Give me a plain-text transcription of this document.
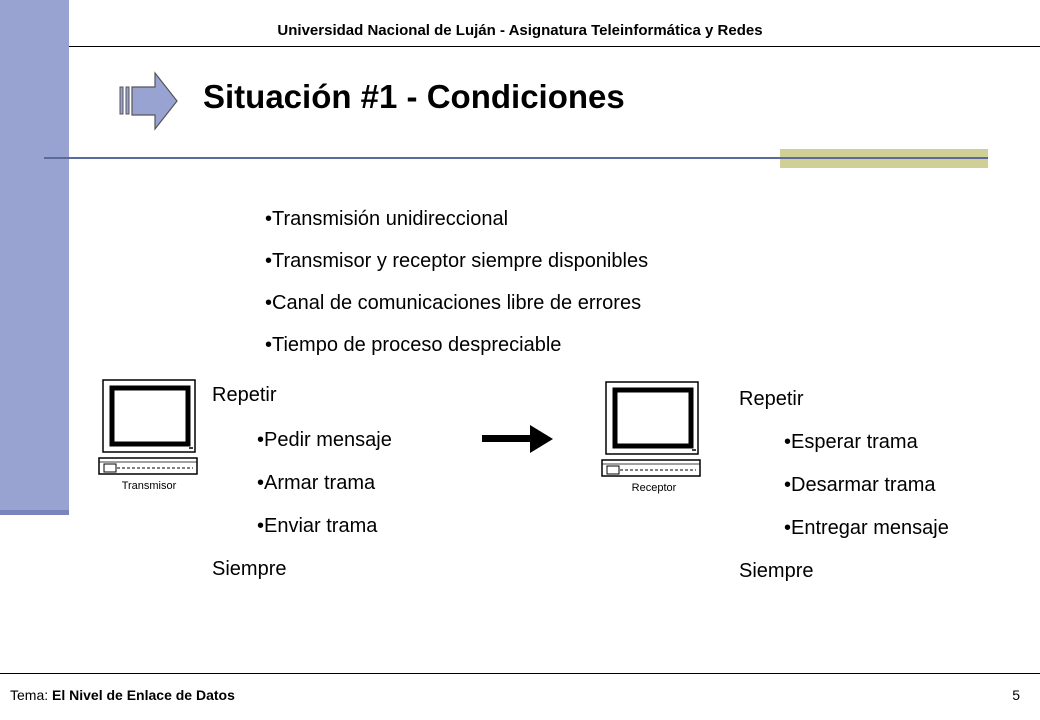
Universidad Nacional de Luján - Asignatura Teleinformática y Redes
Situación #1 - Condiciones
•Transmisión unidireccional
•Transmisor y receptor siempre disponibles
•Canal de comunicaciones libre de errores
•Tiempo de proceso despreciable
Transmisor
Repetir
•Pedir mensaje
•Armar trama
•Enviar trama
Siempre
Receptor
Repetir
•Esperar trama
•Desarmar trama
•Entregar mensaje
Siempre
Tema: El Nivel de Enlace de Datos	5
